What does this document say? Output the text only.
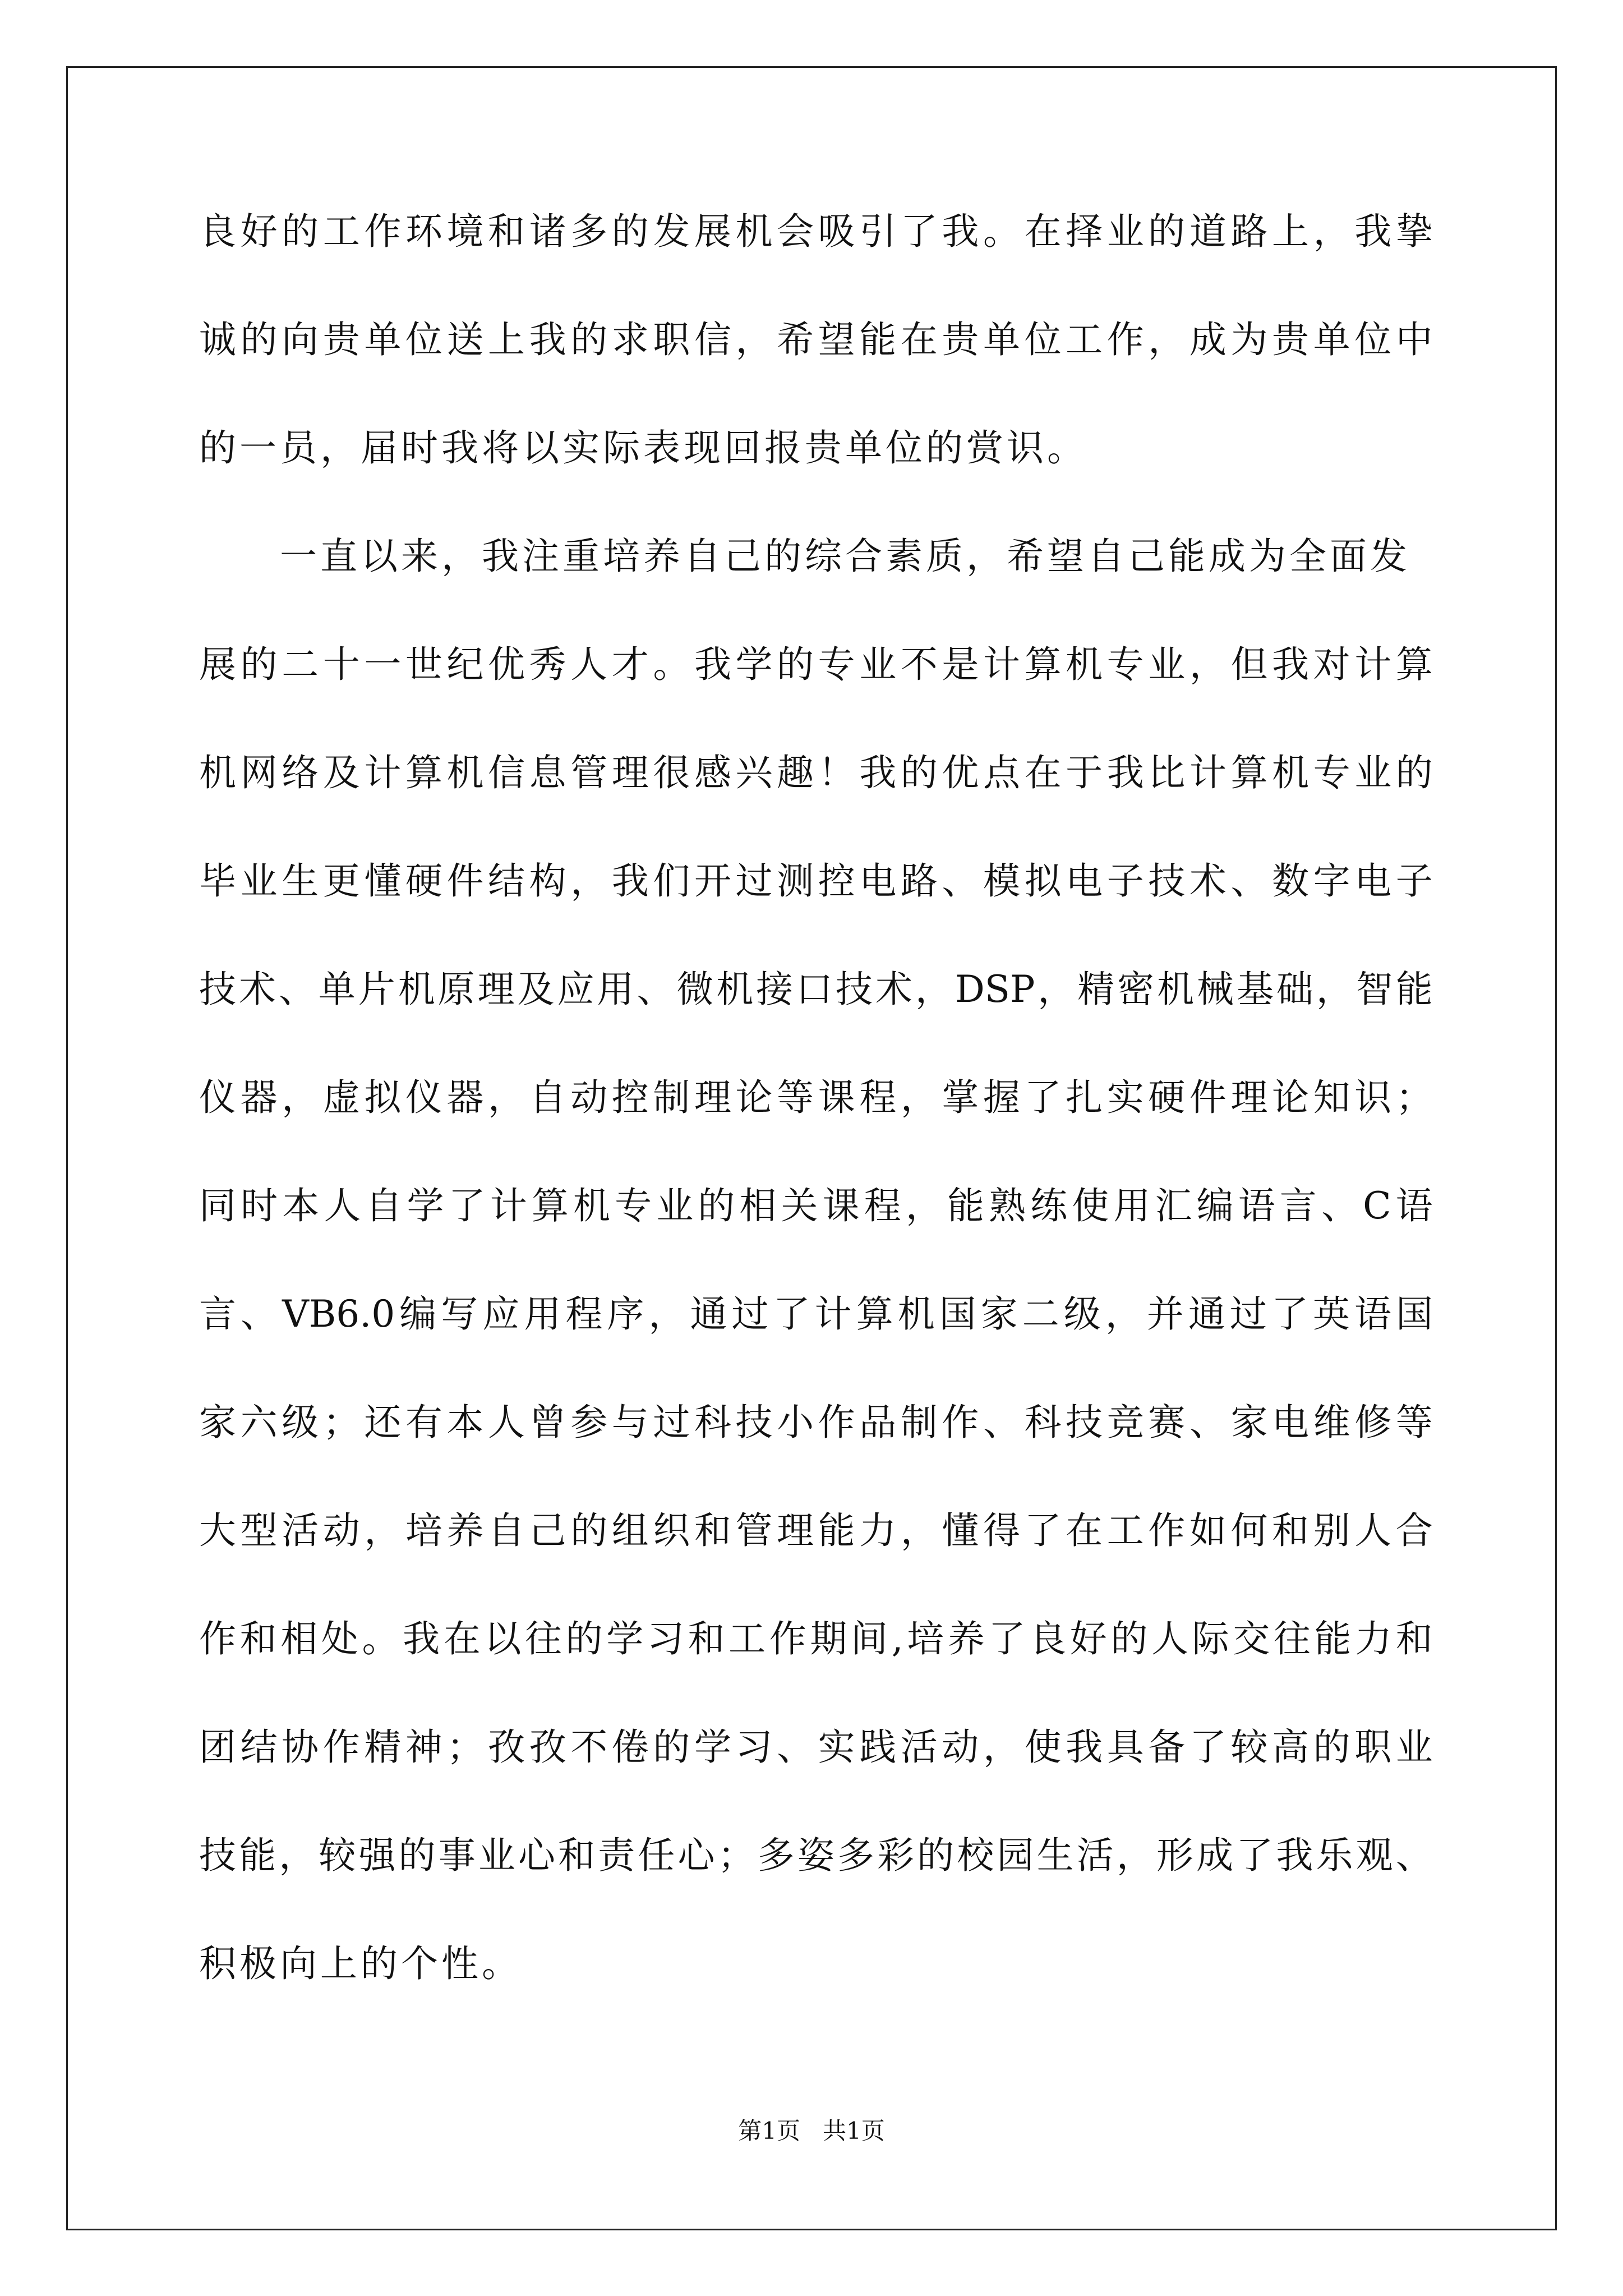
良 好 的 工 作 环 境 和 诸 多 的 发 展 机 会 吸 引 了 我 。 在 择 业 的 道 路 上 ， 我 挚
诚 的 向 贵 单 位 送 上 我 的 求 职 信 ， 希 望 能 在 贵 单 位 工 作 ， 成 为 贵 单 位 中
的一员，届时我将以实际表现回报贵单位的赏识。
一直以来，我注重培养自己的综合素质，希望自己能成为全面发
展 的 二 十 一 世 纪 优 秀 人 才 。 我 学 的 专 业 不 是 计 算 机 专 业 ， 但 我 对 计 算
机 网 络 及 计 算 机 信 息 管 理 很 感 兴 趣 ！ 我 的 优 点 在 于 我 比 计 算 机 专 业 的
毕 业 生 更 懂 硬 件 结 构 ， 我 们 开 过 测 控 电 路 、 模 拟 电 子 技 术 、 数 字 电 子
技 术 、 单 片 机 原 理 及 应 用 、 微 机 接 口 技 术 ， DSP ， 精 密 机 械 基 础 ， 智 能
仪 器 ， 虚 拟 仪 器 ， 自 动 控 制 理 论 等 课 程 ， 掌 握 了 扎 实 硬 件 理 论 知 识 ；
同 时 本 人 自 学 了 计 算 机 专 业 的 相 关 课 程 ， 能 熟 练 使 用 汇 编 语 言 、 C 语
言 、 VB6.0 编 写 应 用 程 序 ， 通 过 了 计 算 机 国 家 二 级 ， 并 通 过 了 英 语 国
家 六 级 ； 还 有 本 人 曾 参 与 过 科 技 小 作 品 制 作 、 科 技 竞 赛 、 家 电 维 修 等
大 型 活 动 ， 培 养 自 己 的 组 织 和 管 理 能 力 ， 懂 得 了 在 工 作 如 何 和 别 人 合
作 和 相 处 。 我 在 以 往 的 学 习 和 工 作 期 间 , 培 养 了 良 好 的 人 际 交 往 能 力 和
团 结 协 作 精 神 ； 孜 孜 不 倦 的 学 习 、 实 践 活 动 ， 使 我 具 备 了 较 高 的 职 业
技 能 ， 较 强 的 事 业 心 和 责 任 心 ； 多 姿 多 彩 的 校 园 生 活 ， 形 成 了 我 乐 观 、
积极向上的个性。
第1页   共1页
